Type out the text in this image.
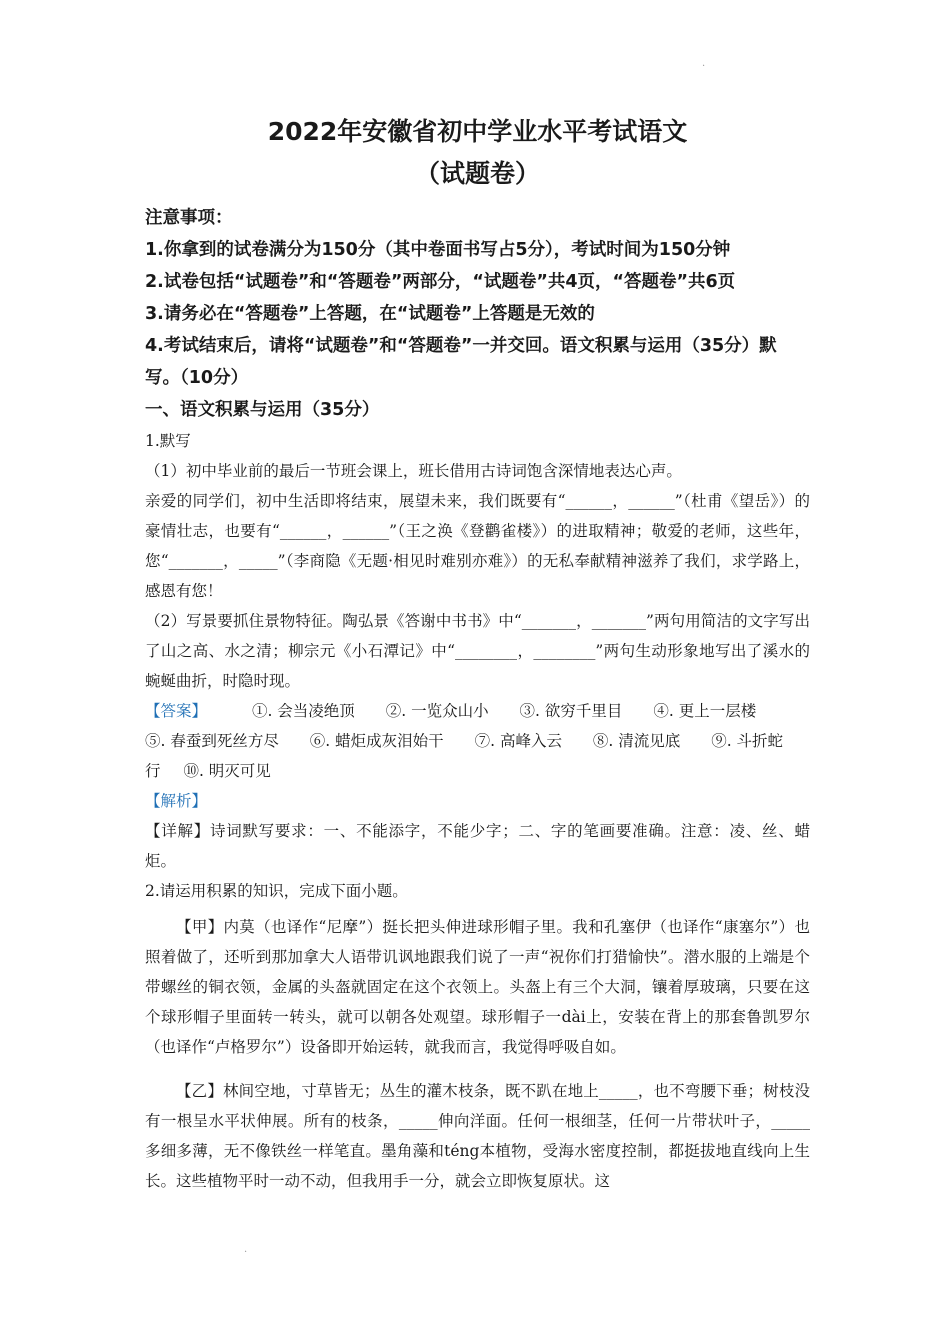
.
2022年安徽省初中学业水平考试语文
（试题卷）

注意事项：

1.你拿到的试卷满分为150分（其中卷面书写占5分），考试时间为150分钟

2.试卷包括“试题卷”和“答题卷”两部分，“试题卷”共4页，“答题卷”共6页

3.请务必在“答题卷”上答题，在“试题卷”上答题是无效的

4.考试结束后，请将“试题卷”和“答题卷”一并交回。语文积累与运用（35分）默写。（10分）

一、语文积累与运用（35分）

1.默写

（1）初中毕业前的最后一节班会课上，班长借用古诗词饱含深情地表达心声。

亲爱的同学们，初中生活即将结束，展望未来，我们既要有“______，______”（杜甫《望岳》）的豪情壮志，也要有“______，______”（王之涣《登鹳雀楼》）的进取精神；敬爱的老师，这些年，您“_______，_____”（李商隐《无题·相见时难别亦难》）的无私奉献精神滋养了我们，求学路上，感恩有您！

（2）写景要抓住景物特征。陶弘景《答谢中书书》中“_______，_______”两句用简洁的文字写出了山之高、水之清；柳宗元《小石潭记》中“________，________”两句生动形象地写出了溪水的蜿蜒曲折，时隐时现。

【答案】	①. 会当凌绝顶 ②. 一览众山小 ③. 欲穷千里目 ④. 更上一层楼
⑤. 春蚕到死丝方尽 ⑥. 蜡炬成灰泪始干 ⑦. 高峰入云 ⑧. 清流见底 ⑨. 斗折蛇行 ⑩. 明灭可见

【解析】

【详解】诗词默写要求：一、不能添字，不能少字；二、字的笔画要准确。注意：凌、丝、蜡炬。

2.请运用积累的知识，完成下面小题。

【甲】内莫（也译作“尼摩”）挺长把头伸进球形帽子里。我和孔塞伊（也译作“康塞尔”）也照着做了，还听到那加拿大人语带讥讽地跟我们说了一声“祝你们打猎愉快”。潜水服的上端是个带螺丝的铜衣领，金属的头盔就固定在这个衣领上。头盔上有三个大洞，镶着厚玻璃，只要在这个球形帽子里面转一转头，就可以朝各处观望。球形帽子一dài上，安装在背上的那套鲁凯罗尔（也译作“卢格罗尔”）设备即开始运转，就我而言，我觉得呼吸自如。

【乙】林间空地，寸草皆无；丛生的灌木枝条，既不趴在地上_____，也不弯腰下垂；树枝没有一根呈水平状伸展。所有的枝条，_____伸向洋面。任何一根细茎，任何一片带状叶子，_____多细多薄，无不像铁丝一样笔直。墨角藻和téng本植物，受海水密度控制，都挺拔地直线向上生长。这些植物平时一动不动，但我用手一分，就会立即恢复原状。这

.
